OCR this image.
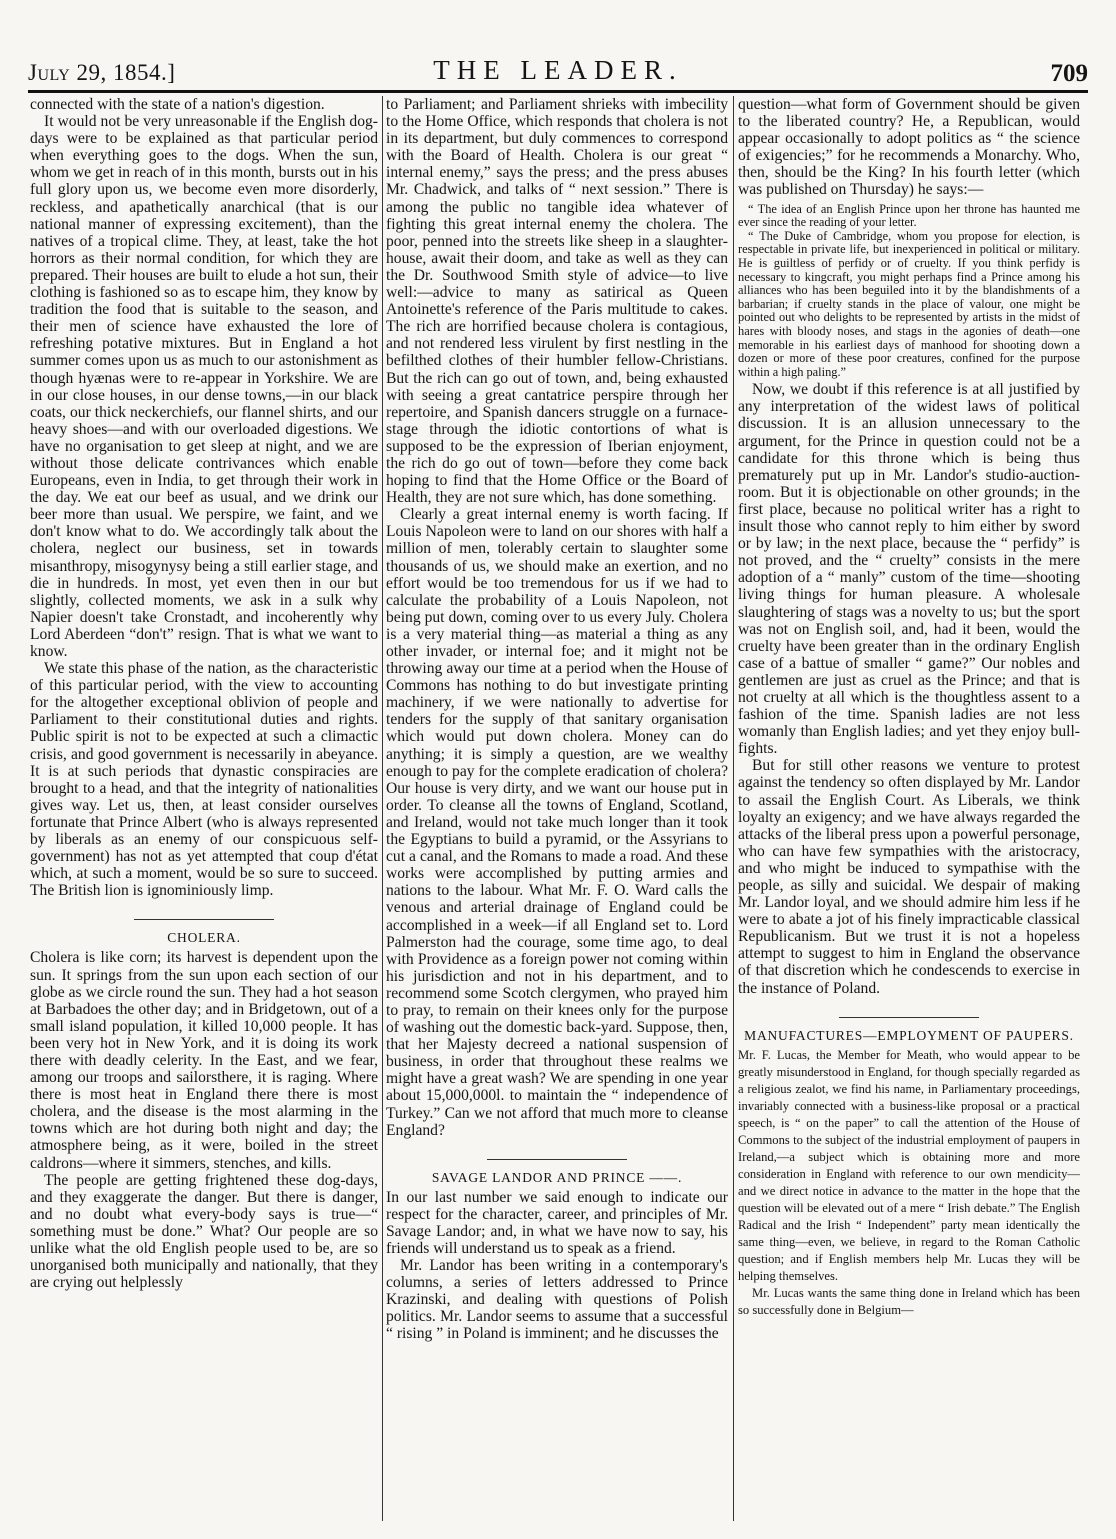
July 29, 1854.]	THE LEADER.	709

connected with the state of a nation's digestion.

It would not be very unreasonable if the English dog-days were to be explained as that particular period when everything goes to the dogs. When the sun, whom we get in reach of in this month, bursts out in his full glory upon us, we become even more disorderly, reckless, and apathetically anarchical (that is our national manner of expressing excitement), than the natives of a tropical clime. They, at least, take the hot horrors as their normal condition, for which they are prepared. Their houses are built to elude a hot sun, their clothing is fashioned so as to escape him, they know by tradition the food that is suitable to the season, and their men of science have exhausted the lore of refreshing potative mixtures. But in England a hot summer comes upon us as much to our astonishment as though hyænas were to re-appear in Yorkshire. We are in our close houses, in our dense towns,—in our black coats, our thick neckerchiefs, our flannel shirts, and our heavy shoes—and with our overloaded digestions. We have no organisation to get sleep at night, and we are without those delicate contrivances which enable Europeans, even in India, to get through their work in the day. We eat our beef as usual, and we drink our beer more than usual. We perspire, we faint, and we don't know what to do. We accordingly talk about the cholera, neglect our business, set in towards misanthropy, misogynysy being a still earlier stage, and die in hundreds. In most, yet even then in our but slightly, collected moments, we ask in a sulk why Napier doesn't take Cronstadt, and incoherently why Lord Aberdeen “don't” resign. That is what we want to know.

We state this phase of the nation, as the characteristic of this particular period, with the view to accounting for the altogether exceptional oblivion of people and Parliament to their constitutional duties and rights. Public spirit is not to be expected at such a climactic crisis, and good government is necessarily in abeyance. It is at such periods that dynastic conspiracies are brought to a head, and that the integrity of nationalities gives way. Let us, then, at least consider ourselves fortunate that Prince Albert (who is always represented by liberals as an enemy of our conspicuous self-government) has not as yet attempted that coup d'état which, at such a moment, would be so sure to succeed. The British lion is ignominiously limp.

CHOLERA.

Cholera is like corn; its harvest is dependent upon the sun. It springs from the sun upon each section of our globe as we circle round the sun. They had a hot season at Barbadoes the other day; and in Bridgetown, out of a small island population, it killed 10,000 people. It has been very hot in New York, and it is doing its work there with deadly celerity. In the East, and we fear, among our troops and sailorsthere, it is raging. Where there is most heat in England there there is most cholera, and the disease is the most alarming in the towns which are hot during both night and day; the atmosphere being, as it were, boiled in the street caldrons—where it simmers, stenches, and kills.

The people are getting frightened these dog-days, and they exaggerate the danger. But there is danger, and no doubt what every-body says is true—“ something must be done.” What? Our people are so unlike what the old English people used to be, are so unorganised both municipally and nationally, that they are crying out helplessly

to Parliament; and Parliament shrieks with imbecility to the Home Office, which responds that cholera is not in its department, but duly commences to correspond with the Board of Health. Cholera is our great “ internal enemy,” says the press; and the press abuses Mr. Chadwick, and talks of “ next session.” There is among the public no tangible idea whatever of fighting this great internal enemy the cholera. The poor, penned into the streets like sheep in a slaughter-house, await their doom, and take as well as they can the Dr. Southwood Smith style of advice—to live well:—advice to many as satirical as Queen Antoinette's reference of the Paris multitude to cakes. The rich are horrified because cholera is contagious, and not rendered less virulent by first nestling in the befilthed clothes of their humbler fellow-Christians. But the rich can go out of town, and, being exhausted with seeing a great cantatrice perspire through her repertoire, and Spanish dancers struggle on a furnace-stage through the idiotic contortions of what is supposed to be the expression of Iberian enjoyment, the rich do go out of town—before they come back hoping to find that the Home Office or the Board of Health, they are not sure which, has done something.

Clearly a great internal enemy is worth facing. If Louis Napoleon were to land on our shores with half a million of men, tolerably certain to slaughter some thousands of us, we should make an exertion, and no effort would be too tremendous for us if we had to calculate the probability of a Louis Napoleon, not being put down, coming over to us every July. Cholera is a very material thing—as material a thing as any other invader, or internal foe; and it might not be throwing away our time at a period when the House of Commons has nothing to do but investigate printing machinery, if we were nationally to advertise for tenders for the supply of that sanitary organisation which would put down cholera. Money can do anything; it is simply a question, are we wealthy enough to pay for the complete eradication of cholera? Our house is very dirty, and we want our house put in order. To cleanse all the towns of England, Scotland, and Ireland, would not take much longer than it took the Egyptians to build a pyramid, or the Assyrians to cut a canal, and the Romans to made a road. And these works were accomplished by putting armies and nations to the labour. What Mr. F. O. Ward calls the venous and arterial drainage of England could be accomplished in a week—if all England set to. Lord Palmerston had the courage, some time ago, to deal with Providence as a foreign power not coming within his jurisdiction and not in his department, and to recommend some Scotch clergymen, who prayed him to pray, to remain on their knees only for the purpose of washing out the domestic back-yard. Suppose, then, that her Majesty decreed a national suspension of business, in order that throughout these realms we might have a great wash? We are spending in one year about 15,000,000l. to maintain the “ independence of Turkey.” Can we not afford that much more to cleanse England?

SAVAGE LANDOR AND PRINCE ——.

In our last number we said enough to indicate our respect for the character, career, and principles of Mr. Savage Landor; and, in what we have now to say, his friends will understand us to speak as a friend.

Mr. Landor has been writing in a contemporary's columns, a series of letters addressed to Prince Krazinski, and dealing with questions of Polish politics. Mr. Landor seems to assume that a successful “ rising ” in Poland is imminent; and he discusses the

question—what form of Government should be given to the liberated country? He, a Republican, would appear occasionally to adopt politics as “ the science of exigencies;” for he recommends a Monarchy. Who, then, should be the King? In his fourth letter (which was published on Thursday) he says:—

“ The idea of an English Prince upon her throne has haunted me ever since the reading of your letter.

“ The Duke of Cambridge, whom you propose for election, is respectable in private life, but inexperienced in political or military. He is guiltless of perfidy or of cruelty. If you think perfidy is necessary to kingcraft, you might perhaps find a Prince among his alliances who has been beguiled into it by the blandishments of a barbarian; if cruelty stands in the place of valour, one might be pointed out who delights to be represented by artists in the midst of hares with bloody noses, and stags in the agonies of death—one memorable in his earliest days of manhood for shooting down a dozen or more of these poor creatures, confined for the purpose within a high paling.”

Now, we doubt if this reference is at all justified by any interpretation of the widest laws of political discussion. It is an allusion unnecessary to the argument, for the Prince in question could not be a candidate for this throne which is being thus prematurely put up in Mr. Landor's studio-auction-room. But it is objectionable on other grounds; in the first place, because no political writer has a right to insult those who cannot reply to him either by sword or by law; in the next place, because the “ perfidy” is not proved, and the “ cruelty” consists in the mere adoption of a “ manly” custom of the time—shooting living things for human pleasure. A wholesale slaughtering of stags was a novelty to us; but the sport was not on English soil, and, had it been, would the cruelty have been greater than in the ordinary English case of a battue of smaller “ game?” Our nobles and gentlemen are just as cruel as the Prince; and that is not cruelty at all which is the thoughtless assent to a fashion of the time. Spanish ladies are not less womanly than English ladies; and yet they enjoy bull-fights.

But for still other reasons we venture to protest against the tendency so often displayed by Mr. Landor to assail the English Court. As Liberals, we think loyalty an exigency; and we have always regarded the attacks of the liberal press upon a powerful personage, who can have few sympathies with the aristocracy, and who might be induced to sympathise with the people, as silly and suicidal. We despair of making Mr. Landor loyal, and we should admire him less if he were to abate a jot of his finely impracticable classical Republicanism. But we trust it is not a hopeless attempt to suggest to him in England the observance of that discretion which he condescends to exercise in the instance of Poland.

MANUFACTURES—EMPLOYMENT OF PAUPERS.

Mr. F. Lucas, the Member for Meath, who would appear to be greatly misunderstood in England, for though specially regarded as a religious zealot, we find his name, in Parliamentary proceedings, invariably connected with a business-like proposal or a practical speech, is “ on the paper” to call the attention of the House of Commons to the subject of the industrial employment of paupers in Ireland,—a subject which is obtaining more and more consideration in England with reference to our own mendicity—and we direct notice in advance to the matter in the hope that the question will be elevated out of a mere “ Irish debate.” The English Radical and the Irish “ Independent” party mean identically the same thing—even, we believe, in regard to the Roman Catholic question; and if English members help Mr. Lucas they will be helping themselves.

Mr. Lucas wants the same thing done in Ireland which has been so successfully done in Belgium—
